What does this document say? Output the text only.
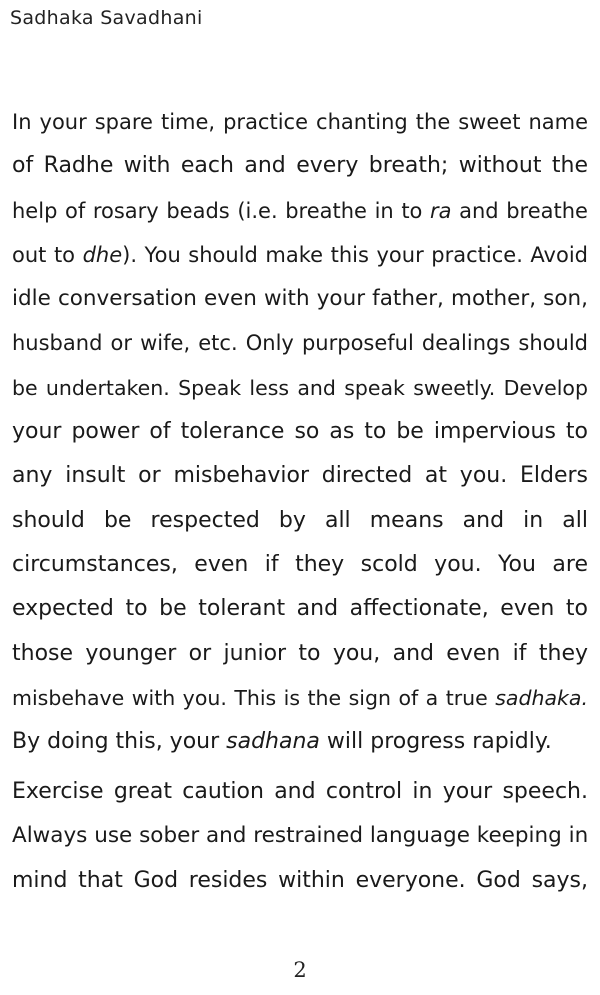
Sadhaka Savadhani
In your spare time, practice chanting the sweet name
of Radhe with each and every breath; without the
help of rosary beads (i.e. breathe in to ra and breathe
out to dhe). You should make this your practice. Avoid
idle conversation even with your father, mother, son,
husband or wife, etc. Only purposeful dealings should
be undertaken. Speak less and speak sweetly. Develop
your power of tolerance so as to be impervious to
any insult or misbehavior directed at you. Elders
should be respected by all means and in all
circumstances, even if they scold you. You are
expected to be tolerant and affectionate, even to
those younger or junior to you, and even if they
misbehave with you. This is the sign of a true sadhaka.
By doing this, your sadhana will progress rapidly.
Exercise great caution and control in your speech.
Always use sober and restrained language keeping in
mind that God resides within everyone. God says,
2
